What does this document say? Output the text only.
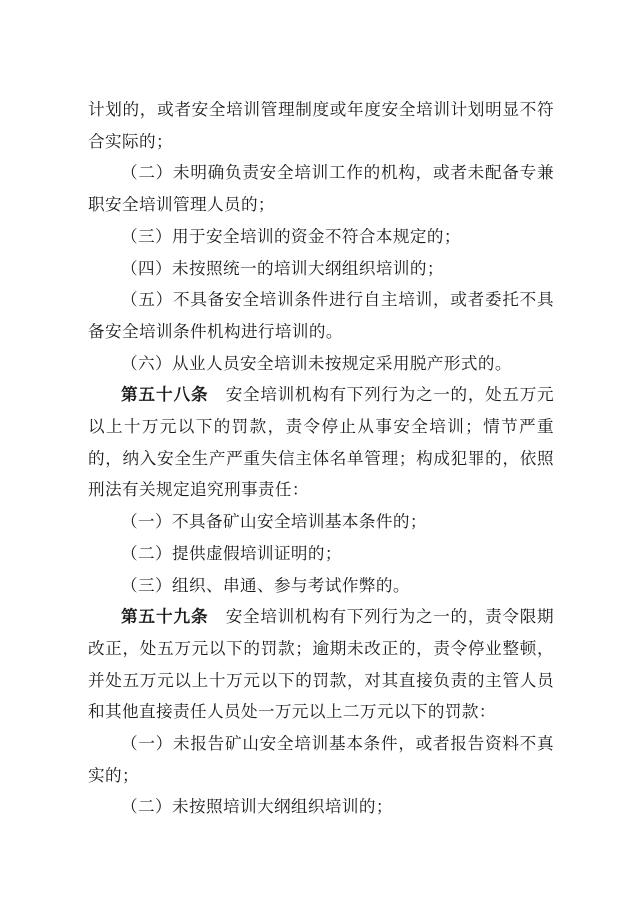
计划的，或者安全培训管理制度或年度安全培训计划明显不符合实际的；

（二）未明确负责安全培训工作的机构，或者未配备专兼职安全培训管理人员的；

（三）用于安全培训的资金不符合本规定的；

（四）未按照统一的培训大纲组织培训的；

（五）不具备安全培训条件进行自主培训，或者委托不具备安全培训条件机构进行培训的。

（六）从业人员安全培训未按规定采用脱产形式的。

第五十八条　安全培训机构有下列行为之一的，处五万元以上十万元以下的罚款，责令停止从事安全培训；情节严重的，纳入安全生产严重失信主体名单管理；构成犯罪的，依照刑法有关规定追究刑事责任：

（一）不具备矿山安全培训基本条件的；

（二）提供虚假培训证明的；

（三）组织、串通、参与考试作弊的。

第五十九条　安全培训机构有下列行为之一的，责令限期改正，处五万元以下的罚款；逾期未改正的，责令停业整顿，并处五万元以上十万元以下的罚款，对其直接负责的主管人员和其他直接责任人员处一万元以上二万元以下的罚款：

（一）未报告矿山安全培训基本条件，或者报告资料不真实的；

（二）未按照培训大纲组织培训的；
